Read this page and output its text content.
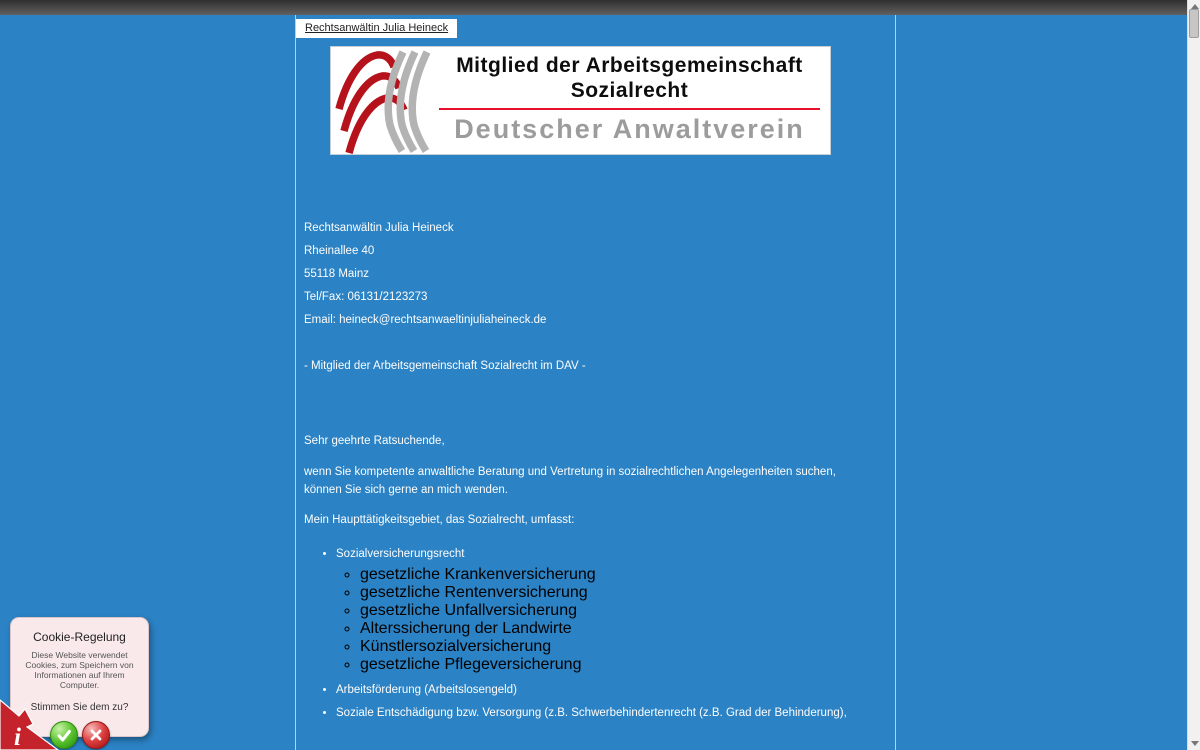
Rechtsanwältin Julia Heineck
Mitglied der Arbeitsgemeinschaft
Sozialrecht
Deutscher Anwaltverein
Rechtsanwältin Julia Heineck
Rheinallee 40
55118 Mainz
Tel/Fax: 06131/2123273
Email: heineck@rechtsanwaeltinjuliaheineck.de
- Mitglied der Arbeitsgemeinschaft Sozialrecht im DAV -
Sehr geehrte Ratsuchende,
wenn Sie kompetente anwaltliche Beratung und Vertretung in sozialrechtlichen Angelegenheiten suchen, können Sie sich gerne an mich wenden.
Mein Haupttätigkeitsgebiet, das Sozialrecht, umfasst:
• Sozialversicherungsrecht
◦ gesetzliche Krankenversicherung
◦ gesetzliche Rentenversicherung
◦ gesetzliche Unfallversicherung
◦ Alterssicherung der Landwirte
◦ Künstlersozialversicherung
◦ gesetzliche Pflegeversicherung
• Arbeitsförderung (Arbeitslosengeld)
• Soziale Entschädigung bzw. Versorgung (z.B. Schwerbehindertenrecht (z.B. Grad der Behinderung),
Cookie-Regelung
Diese Website verwendet Cookies, zum Speichern von Informationen auf Ihrem Computer.
Stimmen Sie dem zu?
i
